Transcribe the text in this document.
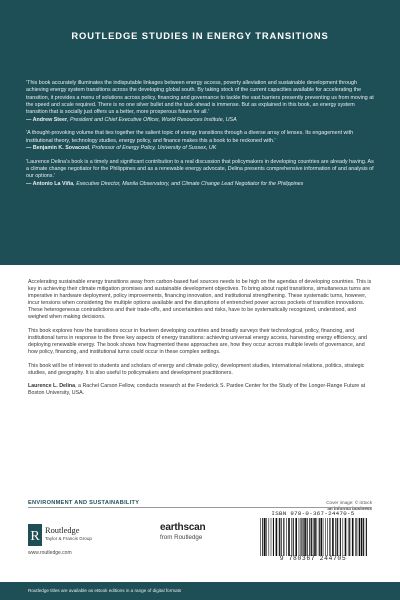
ROUTLEDGE STUDIES IN ENERGY TRANSITIONS
‘This book accurately illuminates the indisputable linkages between energy access, poverty alleviation and sustainable development through achieving energy system transitions across the developing global south. By taking stock of the current capacities available for accelerating the transition, it provides a menu of solutions across policy, financing and governance to tackle the vast barriers presently preventing us from moving at the speed and scale required. There is no one silver bullet and the task ahead is immense. But as explained in this book, an energy system transition that is socially just offers us a better, more prosperous future for all.’
— Andrew Steer, President and Chief Executive Officer, World Resources Institute, USA
‘A thought-provoking volume that ties together the salient topic of energy transitions through a diverse array of lenses. Its engagement with institutional theory, technology studies, energy policy, and finance makes this a book to be reckoned with.’
— Benjamin K. Sovacool, Professor of Energy Policy, University of Sussex, UK
‘Laurence Delina’s book is a timely and significant contribution to a real discussion that policymakers in developing countries are already having. As a climate change negotiator for the Philippines and as a renewable energy advocate, Delina presents comprehensive information of and analysis of our options.’
— Antonio La Viña, Executive Director, Manila Observatory, and Climate Change Lead Negotiator for the Philippines

Accelerating sustainable energy transitions away from carbon-based fuel sources needs to be high on the agendas of developing countries. This is key in achieving their climate mitigation promises and sustainable development objectives. To bring about rapid transitions, simultaneous turns are imperative in hardware deployment, policy improvements, financing innovation, and institutional strengthening. These systematic turns, however, incur tensions when considering the multiple options available and the disruptions of entrenched power across pockets of transition innovations. These heterogeneous contradictions and their trade-offs, and uncertainties and risks, have to be systematically recognized, understood, and weighed when making decisions.

This book explores how the transitions occur in fourteen developing countries and broadly surveys their technological, policy, financing, and institutional turns in response to the three key aspects of energy transitions: achieving universal energy access, harvesting energy efficiency, and deploying renewable energy. The book shows how fragmented these approaches are, how they occur across multiple levels of governance, and how policy, financing, and institutional turns could occur in these complex settings.

This book will be of interest to students and scholars of energy and climate policy, development studies, international relations, politics, strategic studies, and geography. It is also useful to policymakers and development practitioners.

Laurence L. Delina, a Rachel Carson Fellow, conducts research at the Frederick S. Pardee Center for the Study of the Longer-Range Future at Boston University, USA.

ENVIRONMENT AND SUSTAINABILITY	Cover image: © iStock
an informa business
R Routledge
Taylor & Francis Group
www.routledge.com
earthscan
from Routledge
ISBN 978-0-367-24470-5
9 780367 244705
Routledge titles are available as eBook editions in a range of digital formats
